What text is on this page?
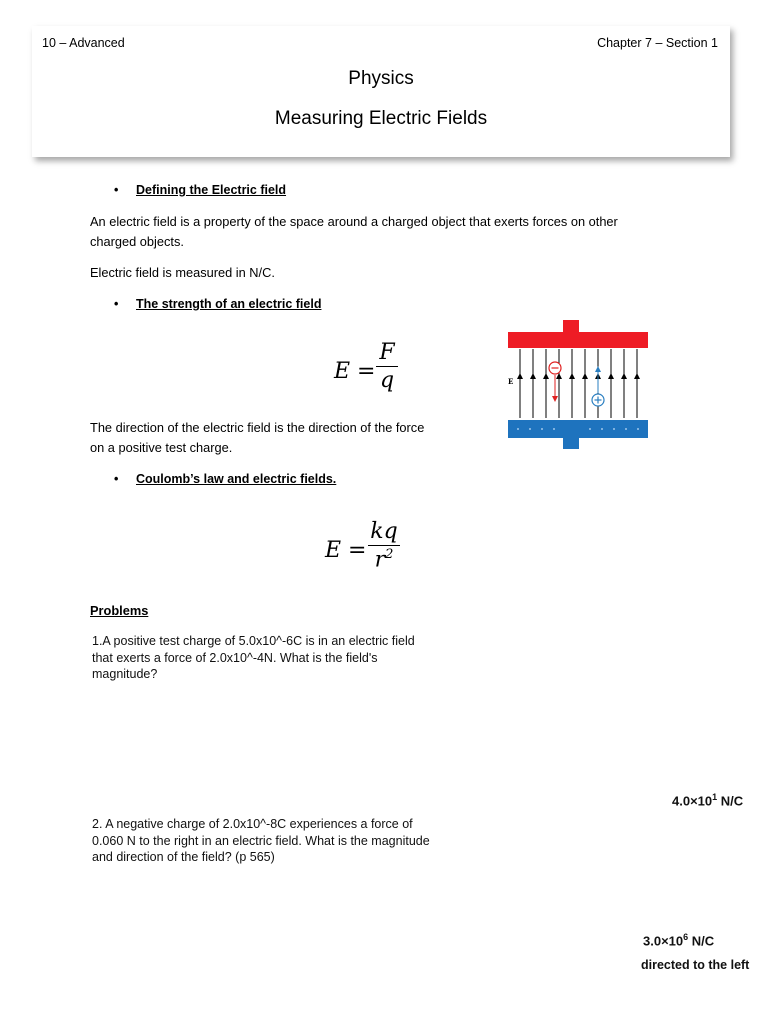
10 – Advanced	Chapter 7 – Section 1
Physics
Measuring Electric Fields
• Defining the Electric field
An electric field is a property of the space around a charged object that exerts forces on other
charged objects.
Electric field is measured in N/C.
• The strength of an electric field
E =
F
q
The direction of the electric field is the direction of the force
on a positive test charge.
E
• Coulomb’s law and electric fields.
E =
kq
$r^2$
Problems
1.A positive test charge of 5.0x10^-6C is in an electric field
that exerts a force of 2.0x10^-4N. What is the field's
magnitude?
$4.0\times 10^1$ N/C
2. A negative charge of 2.0x10^-8C experiences a force of
0.060 N to the right in an electric field. What is the magnitude
and direction of the field? (p 565)
$3.0\times 10^6$ N/C
directed to the left
